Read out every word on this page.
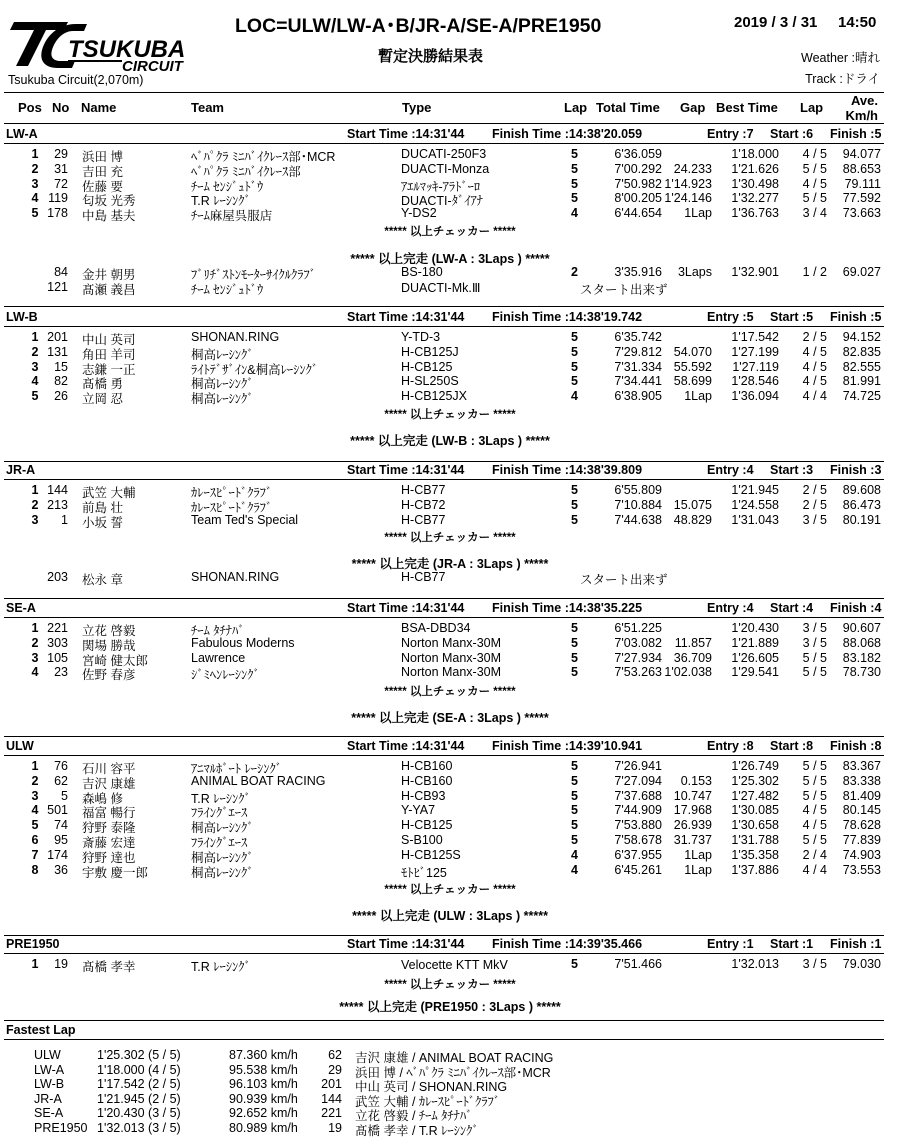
TSUKUBA
CIRCUIT
LOC=ULW/LW-A･B/JR-A/SE-A/PRE1950	2019 / 3 / 31 14:50
暫定決勝結果表	Weather :晴れ
Track :ドライ
Tsukuba Circuit(2,070m)
Pos No Name	Team	Type	Lap Total Time Gap Best Time Lap Ave.
Km/h
LW-A	Start Time :14:31'44 Finish Time :14:38'20.059	Entry :7 Start :6 Finish :5
1	29 浜田 博	ﾍﾞﾊﾟｸﾗ ﾐﾆﾊﾞｲｸﾚｰｽ部･MCR	DUCATI-250F3	5	6'36.059	1'18.000 4 / 5 94.077
2	31 吉田 充	ﾍﾞﾊﾟｸﾗ ﾐﾆﾊﾞｲｸﾚｰｽ部	DUACTI-Monza	5	7'00.292 24.233 1'21.626 5 / 5 88.653
3	72 佐藤 要	ﾁｰﾑ ｾﾝｼﾞｭﾄﾞｳ	ｱｴﾙﾏｯｷ-ｱﾗﾄﾞｰﾛ	5	7'50.982 1'14.923 1'30.498 4 / 5 79.111
4 119 匂坂 光秀	T.R ﾚｰｼﾝｸﾞ	DUACTI-ﾀﾞｲｱﾅ	5	8'00.205 1'24.146 1'32.277 5 / 5 77.592
5 178 中島 基夫	ﾁｰﾑ麻屋呉服店	Y-DS2	4	6'44.654 1Lap 1'36.763 3 / 4 73.663
***** 以上チェッカー *****
***** 以上完走 (LW-A : 3Laps ) *****
84 金井 朝男	ﾌﾞﾘﾁﾞｽﾄﾝﾓｰﾀｰｻｲｸﾙｸﾗﾌﾞ	BS-180	2	3'35.916 3Laps 1'32.901 1 / 2 69.027
121 髙瀬 義昌	ﾁｰﾑ ｾﾝｼﾞｭﾄﾞｳ	DUACTI-Mk.Ⅲ	スタート出来ず
LW-B	Start Time :14:31'44 Finish Time :14:38'19.742	Entry :5 Start :5 Finish :5
1 201 中山 英司	SHONAN.RING	Y-TD-3	5	6'35.742	1'17.542 2 / 5 94.152
2 131 角田 羊司	桐高ﾚｰｼﾝｸﾞ	H-CB125J	5	7'29.812 54.070 1'27.199 4 / 5 82.835
3	15 志鎌 一正	ﾗｲﾄﾃﾞｻﾞｲﾝ&桐高ﾚｰｼﾝｸﾞ	H-CB125	5	7'31.334 55.592 1'27.119 4 / 5 82.555
4	82 髙橋 勇	桐高ﾚｰｼﾝｸﾞ	H-SL250S	5	7'34.441 58.699 1'28.546 4 / 5 81.991
5	26 立岡 忍	桐高ﾚｰｼﾝｸﾞ	H-CB125JX	4	6'38.905 1Lap 1'36.094 4 / 4 74.725
***** 以上チェッカー *****
***** 以上完走 (LW-B : 3Laps ) *****
JR-A	Start Time :14:31'44 Finish Time :14:38'39.809	Entry :4 Start :3 Finish :3
1 144 武笠 大輔	ｶﾚｰｽﾋﾟｰﾄﾞｸﾗﾌﾞ	H-CB77	5	6'55.809	1'21.945 2 / 5 89.608
2 213 前島 壮	ｶﾚｰｽﾋﾟｰﾄﾞｸﾗﾌﾞ	H-CB72	5	7'10.884 15.075 1'24.558 2 / 5 86.473
3	1 小坂 誓	Team Ted's Special	H-CB77	5	7'44.638 48.829 1'31.043 3 / 5 80.191
***** 以上チェッカー *****
***** 以上完走 (JR-A : 3Laps ) *****
203 松永 章	SHONAN.RING	H-CB77	スタート出来ず
SE-A	Start Time :14:31'44 Finish Time :14:38'35.225	Entry :4 Start :4 Finish :4
1 221 立花 啓毅	ﾁｰﾑ ﾀﾁﾅﾊﾞ	BSA-DBD34	5	6'51.225	1'20.430 3 / 5 90.607
2 303 関場 勝哉	Fabulous Moderns	Norton Manx-30M	5	7'03.082 11.857 1'21.889 3 / 5 88.068
3 105 宮崎 健太郎	Lawrence	Norton Manx-30M	5	7'27.934 36.709 1'26.605 5 / 5 83.182
4	23 佐野 春彦	ｼﾞﾐﾍﾝﾚｰｼﾝｸﾞ	Norton Manx-30M	5	7'53.263 1'02.038 1'29.541 5 / 5 78.730
***** 以上チェッカー *****
***** 以上完走 (SE-A : 3Laps ) *****
ULW	Start Time :14:31'44 Finish Time :14:39'10.941	Entry :8 Start :8 Finish :8
1	76 石川 容平	ｱﾆﾏﾙﾎﾞｰﾄ ﾚｰｼﾝｸﾞ	H-CB160	5	7'26.941	1'26.749 5 / 5 83.367
2	62 吉沢 康雄	ANIMAL BOAT RACING	H-CB160	5	7'27.094 0.153 1'25.302 5 / 5 83.338
3	5 森嶋 修	T.R ﾚｰｼﾝｸﾞ	H-CB93	5	7'37.688 10.747 1'27.482 5 / 5 81.409
4 501 福富 暢行	ﾌﾗｲﾝｸﾞｴｰｽ	Y-YA7	5	7'44.909 17.968 1'30.085 4 / 5 80.145
5	74 狩野 泰隆	桐高ﾚｰｼﾝｸﾞ	H-CB125	5	7'53.880 26.939 1'30.658 4 / 5 78.628
6	95 斎藤 宏達	ﾌﾗｲﾝｸﾞｴｰｽ	S-B100	5	7'58.678 31.737 1'31.788 5 / 5 77.839
7 174 狩野 達也	桐高ﾚｰｼﾝｸﾞ	H-CB125S	4	6'37.955 1Lap 1'35.358 2 / 4 74.903
8	36 宇敷 慶一郎	桐高ﾚｰｼﾝｸﾞ	ﾓﾄﾋﾞ125	4	6'45.261 1Lap 1'37.886 4 / 4 73.553
***** 以上チェッカー *****
***** 以上完走 (ULW : 3Laps ) *****
PRE1950	Start Time :14:31'44 Finish Time :14:39'35.466	Entry :1 Start :1 Finish :1
1	19 髙橋 孝幸	T.R ﾚｰｼﾝｸﾞ	Velocette KTT MkⅤ	5	7'51.466	1'32.013 3 / 5 79.030
***** 以上チェッカー *****
***** 以上完走 (PRE1950 : 3Laps ) *****
Fastest Lap
ULW	1'25.302 (5 / 5)	87.360 km/h 62 吉沢 康雄 / ANIMAL BOAT RACING
LW-A	1'18.000 (4 / 5)	95.538 km/h 29 浜田 博 / ﾍﾞﾊﾟｸﾗ ﾐﾆﾊﾞｲｸﾚｰｽ部･MCR
LW-B	1'17.542 (2 / 5)	96.103 km/h 201 中山 英司 / SHONAN.RING
JR-A	1'21.945 (2 / 5)	90.939 km/h 144 武笠 大輔 / ｶﾚｰｽﾋﾟｰﾄﾞｸﾗﾌﾞ
SE-A	1'20.430 (3 / 5)	92.652 km/h 221 立花 啓毅 / ﾁｰﾑ ﾀﾁﾅﾊﾞ
PRE1950 1'32.013 (3 / 5)	80.989 km/h 19 髙橋 孝幸 / T.R ﾚｰｼﾝｸﾞ
